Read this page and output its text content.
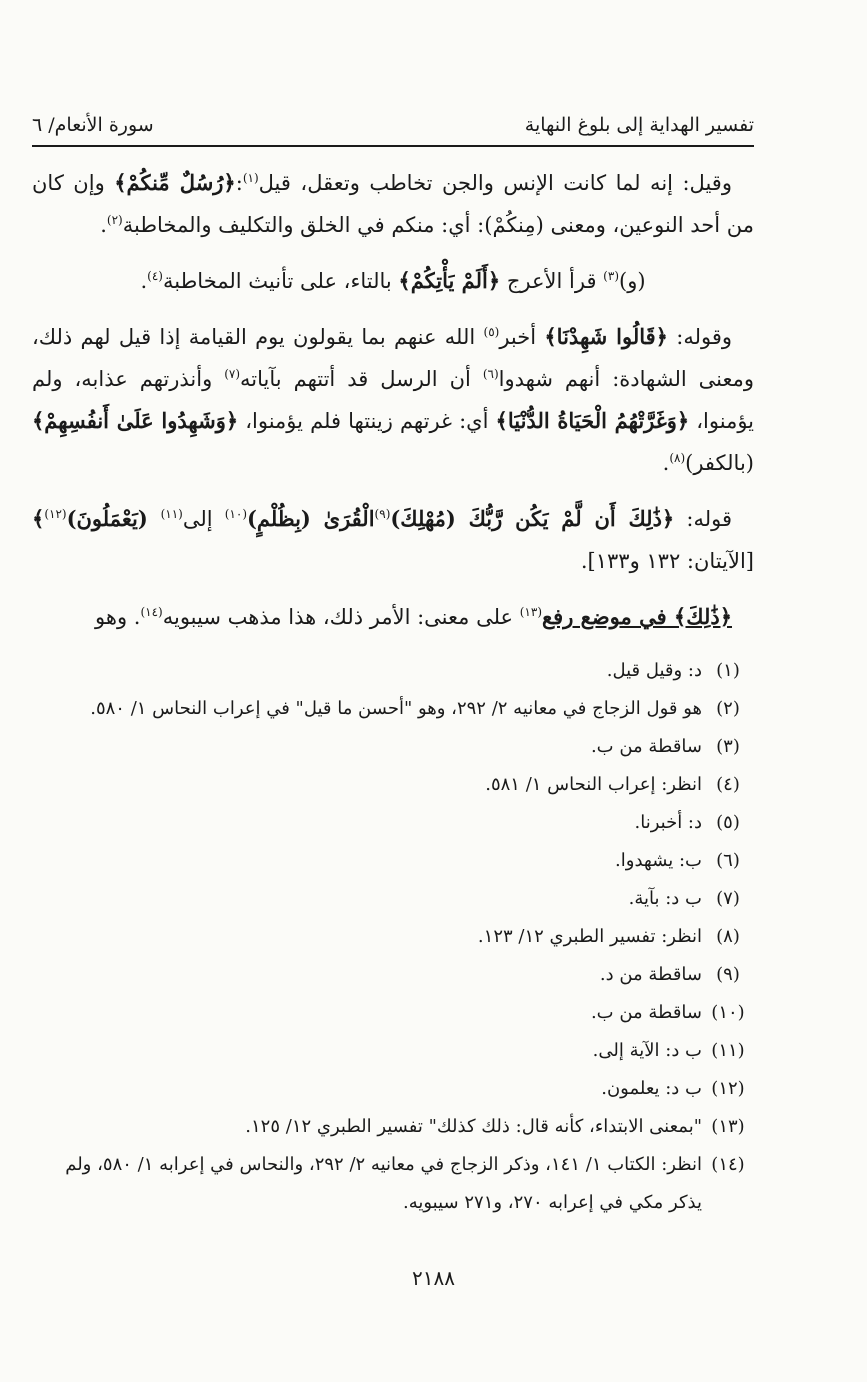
تفسير الهداية إلى بلوغ النهاية
سورة الأنعام/ ٦

وقيل: إنه لما كانت الإنس والجن تخاطب وتعقل، قيل$^{(١)}$:﴿رُسُلٌ مِّنكُمْ﴾ وإن كان من أحد النوعين، ومعنى (مِنكُمْ): أي: منكم في الخلق والتكليف والمخاطبة$^{(٢)}$.

(و)$^{(٣)}$ قرأ الأعرج ﴿أَلَمْ يَأْتِكُمْ﴾ بالتاء، على تأنيث المخاطبة$^{(٤)}$.

وقوله: ﴿قَالُوا شَهِدْنَا﴾ أخبر$^{(٥)}$ الله عنهم بما يقولون يوم القيامة إذا قيل لهم ذلك، ومعنى الشهادة: أنهم شهدوا$^{(٦)}$ أن الرسل قد أتتهم بآياته$^{(٧)}$ وأنذرتهم عذابه، ولم يؤمنوا، ﴿وَغَرَّتْهُمُ الْحَيَاةُ الدُّنْيَا﴾ أي: غرتهم زينتها فلم يؤمنوا، ﴿وَشَهِدُوا عَلَىٰ أَنفُسِهِمْ﴾ (بالكفر)$^{(٨)}$.

قوله: ﴿ذَٰلِكَ أَن لَّمْ يَكُن رَّبُّكَ (مُهْلِكَ)$^{(٩)}$الْقُرَىٰ (بِظُلْمٍ)$^{(١٠)}$ إلى$^{(١١)}$ (يَعْمَلُونَ)$^{(١٢)}$﴾ [الآيتان: ١٣٢ و١٣٣].

﴿ذَٰلِكَ﴾ في موضع رفع$^{(١٣)}$ على معنى: الأمر ذلك، هذا مذهب سيبويه$^{(١٤)}$. وهو

(١)
د: وقيل قيل.
(٢)
هو قول الزجاج في معانيه ٢/ ٢٩٢، وهو "أحسن ما قيل" في إعراب النحاس ١/ ٥٨٠.
(٣)
ساقطة من ب.
(٤)
انظر: إعراب النحاس ١/ ٥٨١.
(٥)
د: أخبرنا.
(٦)
ب: يشهدوا.
(٧)
ب د: بآية.
(٨)
انظر: تفسير الطبري ١٢/ ١٢٣.
(٩)
ساقطة من د.
(١٠)
ساقطة من ب.
(١١)
ب د: الآية إلى.
(١٢)
ب د: يعلمون.
(١٣)
"بمعنى الابتداء، كأنه قال: ذلك كذلك" تفسير الطبري ١٢/ ١٢٥.
(١٤)
انظر: الكتاب ١/ ١٤١، وذكر الزجاج في معانيه ٢/ ٢٩٢، والنحاس في إعرابه ١/ ٥٨٠، ولم يذكر مكي في إعرابه ٢٧٠، و٢٧١ سيبويه.
٢١٨٨
